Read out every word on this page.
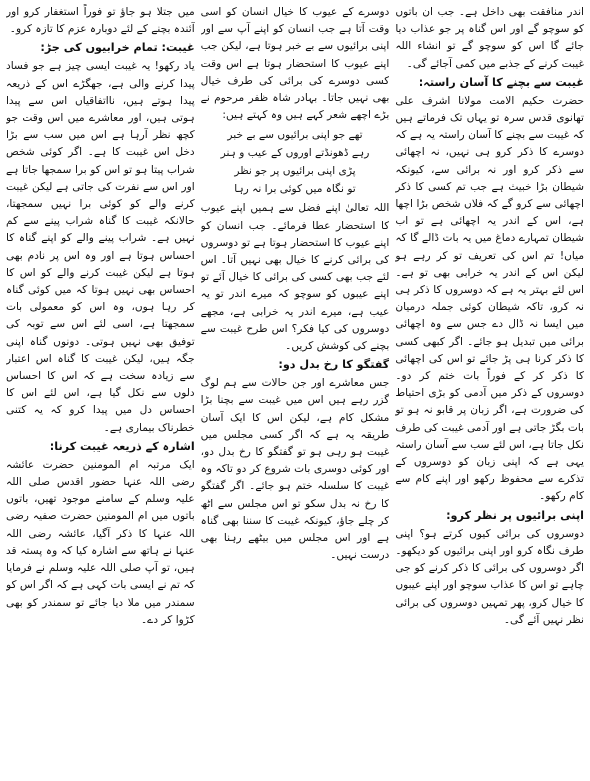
اندر منافقت بھی داخل ہے۔ جب ان باتوں کو سوچو گے اور اس گناہ پر جو عذاب دیا جائے گا اس کو سوچو گے تو انشاء اللہ غیبت کرنے کے جذبے میں کمی آجائے گی۔

غیبت سے بچنے کا آسان راستہ:

حضرت حکیم الامت مولانا اشرف علی تھانوی قدس سرہ تو یہاں تک فرماتے ہیں کہ غیبت سے بچنے کا آسان راستہ یہ ہے کہ دوسرے کا ذکر کرو ہی نہیں، نہ اچھائی سے ذکر کرو اور نہ برائی سے، کیونکہ شیطان بڑا خبیث ہے جب تم کسی کا ذکر اچھائی سے کرو گے کہ فلاں شخص بڑا اچھا ہے، اس کے اندر یہ اچھائی ہے تو اب شیطان تمہارے دماغ میں یہ بات ڈالے گا کہ میاں! تم اس کی تعریف تو کر رہے ہو لیکن اس کے اندر یہ خرابی بھی تو ہے۔ اس لئے بہتر یہ ہے کہ دوسروں کا ذکر ہی نہ کرو، تاکہ شیطان کوئی جملہ درمیان میں ایسا نہ ڈال دے جس سے وہ اچھائی برائی میں تبدیل ہو جائے۔ اگر کبھی کسی کا ذکر کرنا ہی پڑ جائے تو اس کی اچھائی کا ذکر کر کے فوراً بات ختم کر دو۔ دوسروں کے ذکر میں آدمی کو بڑی احتیاط کی ضرورت ہے، اگر زبان پر قابو نہ ہو تو بات بگڑ جاتی ہے اور آدمی غیبت کی طرف نکل جاتا ہے، اس لئے سب سے آسان راستہ یہی ہے کہ اپنی زبان کو دوسروں کے تذکرے سے محفوظ رکھو اور اپنے کام سے کام رکھو۔

اپنی برائیوں پر نظر کرو:

دوسروں کی برائی کیوں کرتے ہو؟ اپنی طرف نگاہ کرو اور اپنی برائیوں کو دیکھو۔ اگر دوسروں کی برائی کا ذکر کرنے کو جی چاہے تو اس کا عذاب سوچو اور اپنے عیبوں کا خیال کرو، پھر تمہیں دوسروں کی برائی نظر نہیں آئے گی۔

دوسرے کے عیوب کا خیال انسان کو اسی وقت آتا ہے جب انسان کو اپنے آپ سے اور اپنی برائیوں سے بے خبر ہوتا ہے، لیکن جب اپنے عیوب کا استحضار ہوتا ہے اس وقت کسی دوسرے کی برائی کی طرف خیال بھی نہیں جاتا۔ بہادر شاہ ظفر مرحوم نے بڑے اچھے شعر کہے ہیں وہ کہتے ہیں:

تھے جو اپنی برائیوں سے بے خبر

رہے ڈھونڈتے اوروں کے عیب و ہنر

پڑی اپنی برائیوں پر جو نظر

تو نگاہ میں کوئی برا نہ رہا

اللہ تعالیٰ اپنے فضل سے ہمیں اپنے عیوب کا استحضار عطا فرمائے۔ جب انسان کو اپنے عیوب کا استحضار ہوتا ہے تو دوسروں کی برائی کرنے کا خیال بھی نہیں آتا۔ اس لئے جب بھی کسی کی برائی کا خیال آئے تو اپنے عیبوں کو سوچو کہ میرے اندر تو یہ عیب ہے، میرے اندر یہ خرابی ہے، مجھے دوسروں کی کیا فکر؟ اس طرح غیبت سے بچنے کی کوشش کریں۔

گفتگو کا رخ بدل دو:

جس معاشرے اور جن حالات سے ہم لوگ گزر رہے ہیں اس میں غیبت سے بچنا بڑا مشکل کام ہے، لیکن اس کا ایک آسان طریقہ یہ ہے کہ اگر کسی مجلس میں غیبت ہو رہی ہو تو گفتگو کا رخ بدل دو، اور کوئی دوسری بات شروع کر دو تاکہ وہ غیبت کا سلسلہ ختم ہو جائے۔ اگر گفتگو کا رخ نہ بدل سکو تو اس مجلس سے اٹھ کر چلے جاؤ، کیونکہ غیبت کا سننا بھی گناہ ہے اور اس مجلس میں بیٹھے رہنا بھی درست نہیں۔

میں جتلا ہو جاؤ تو فوراً استغفار کرو اور آئندہ بچنے کے لئے دوبارہ عزم کا تازہ کرو۔

غیبت: تمام خرابیوں کی جڑ:

یاد رکھو! یہ غیبت ایسی چیز ہے جو فساد پیدا کرنے والی ہے، جھگڑے اس کے ذریعہ پیدا ہوتے ہیں، نااتفاقیاں اس سے پیدا ہوتی ہیں، اور معاشرے میں اس وقت جو کچھ نظر آرہا ہے اس میں سب سے بڑا دخل اس غیبت کا ہے۔ اگر کوئی شخص شراب پیتا ہو تو اس کو برا سمجھا جاتا ہے اور اس سے نفرت کی جاتی ہے لیکن غیبت کرنے والے کو کوئی برا نہیں سمجھتا، حالانکہ غیبت کا گناہ شراب پینے سے کم نہیں ہے۔ شراب پینے والے کو اپنے گناہ کا احساس ہوتا ہے اور وہ اس پر نادم بھی ہوتا ہے لیکن غیبت کرنے والے کو اس کا احساس بھی نہیں ہوتا کہ میں کوئی گناہ کر رہا ہوں، وہ اس کو معمولی بات سمجھتا ہے، اسی لئے اس سے توبہ کی توفیق بھی نہیں ہوتی۔ دونوں گناہ اپنی جگہ ہیں، لیکن غیبت کا گناہ اس اعتبار سے زیادہ سخت ہے کہ اس کا احساس دلوں سے نکل گیا ہے، اس لئے اس کا احساس دل میں پیدا کرو کہ یہ کتنی خطرناک بیماری ہے۔

اشارہ کے ذریعہ غیبت کرنا:

ایک مرتبہ ام المومنین حضرت عائشہ رضی اللہ عنہا حضور اقدس صلی اللہ علیہ وسلم کے سامنے موجود تھیں، باتوں باتوں میں ام المومنین حضرت صفیہ رضی اللہ عنہا کا ذکر آگیا، عائشہ رضی اللہ عنہا نے ہاتھ سے اشارہ کیا کہ وہ پستہ قد ہیں، تو آپ صلی اللہ علیہ وسلم نے فرمایا کہ تم نے ایسی بات کہی ہے کہ اگر اس کو سمندر میں ملا دیا جائے تو سمندر کو بھی کڑوا کر دے۔
